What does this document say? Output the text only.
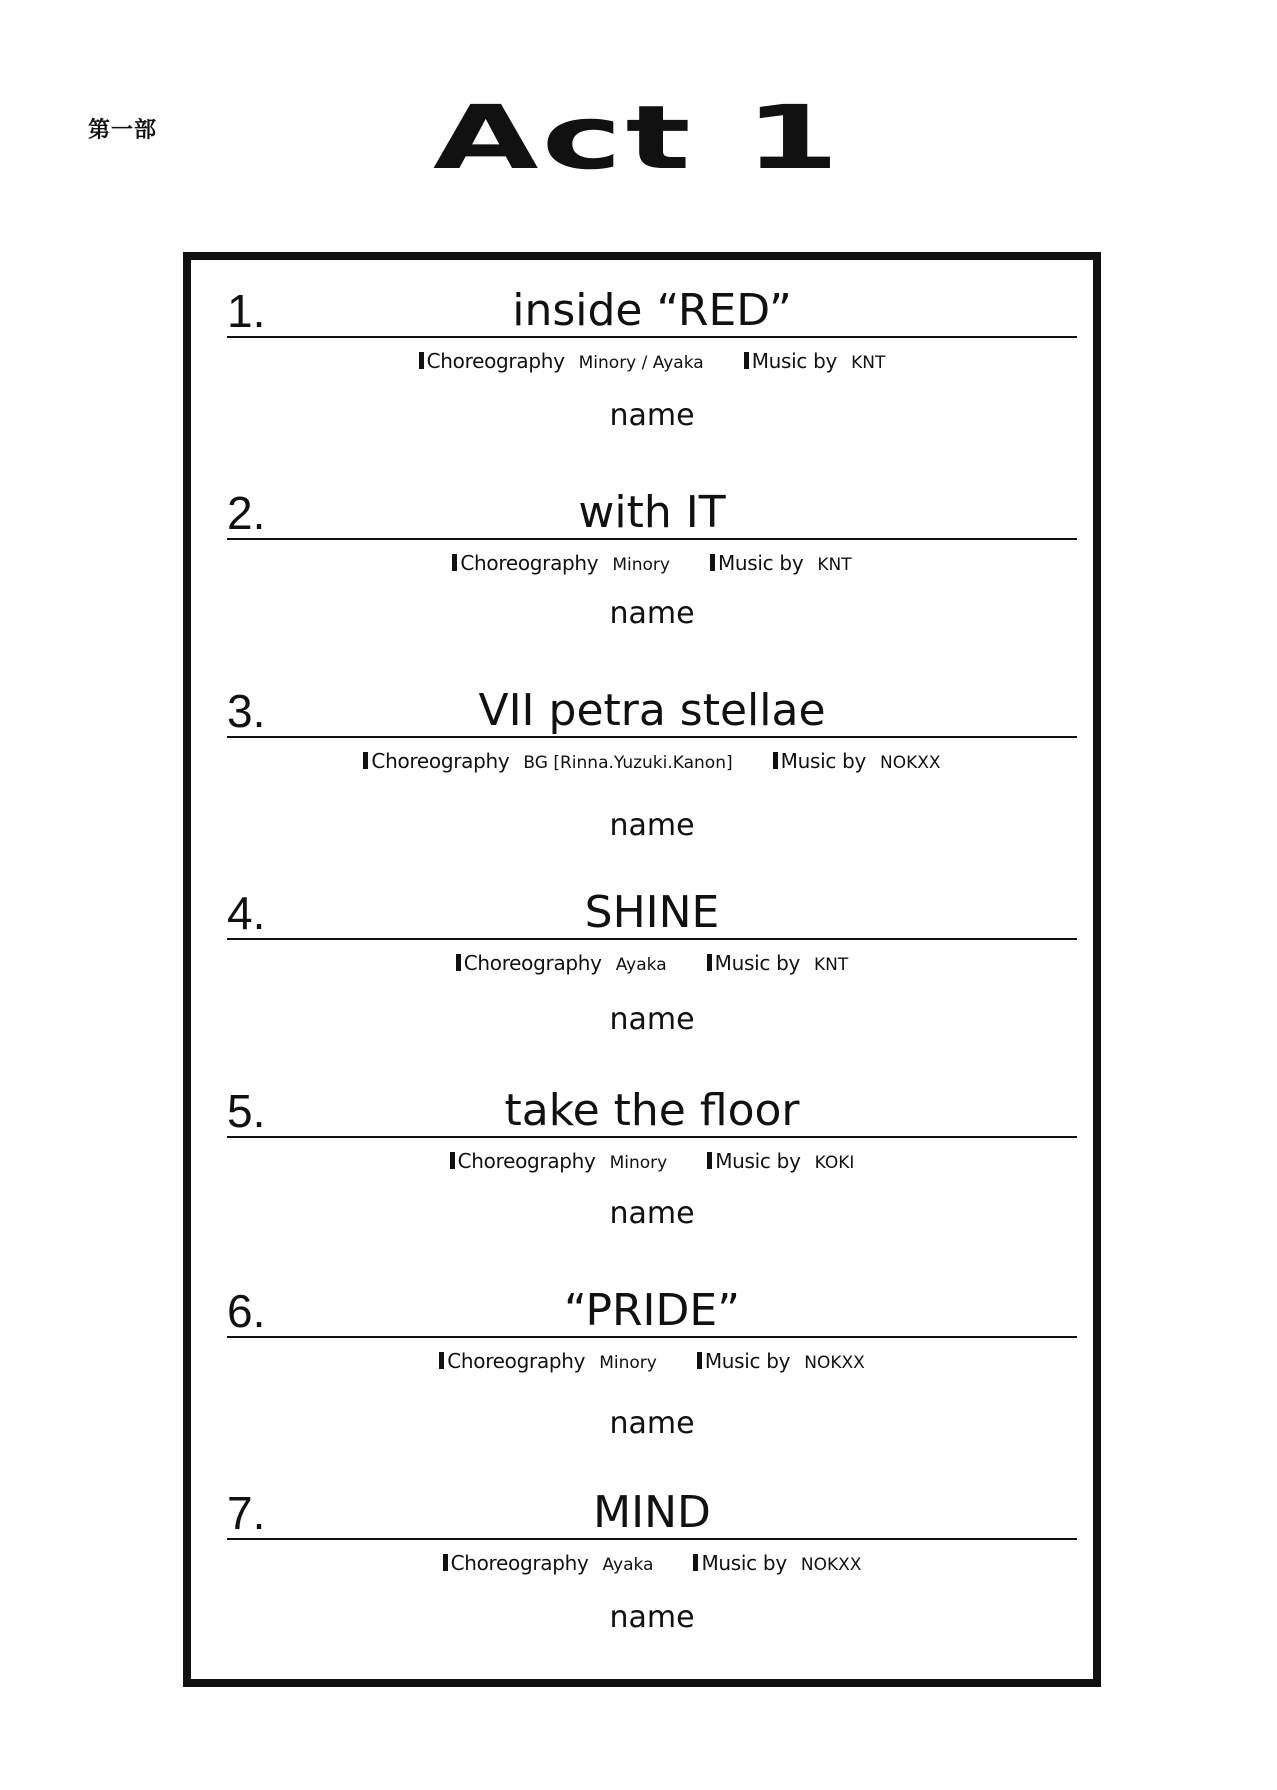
第一部	Act 1
1.	inside “RED”
Choreography Minory / Ayaka Music by KNT
name
2.	with IT
Choreography Minory Music by KNT
name
3.	VII petra stellae
Choreography BG [Rinna.Yuzuki.Kanon] Music by NOKXX
name
4.	SHINE
Choreography Ayaka Music by KNT
name
5.	take the floor
Choreography Minory Music by KOKI
name
6.	“PRIDE”
Choreography Minory Music by NOKXX
name
7.	MIND
Choreography Ayaka Music by NOKXX
name
